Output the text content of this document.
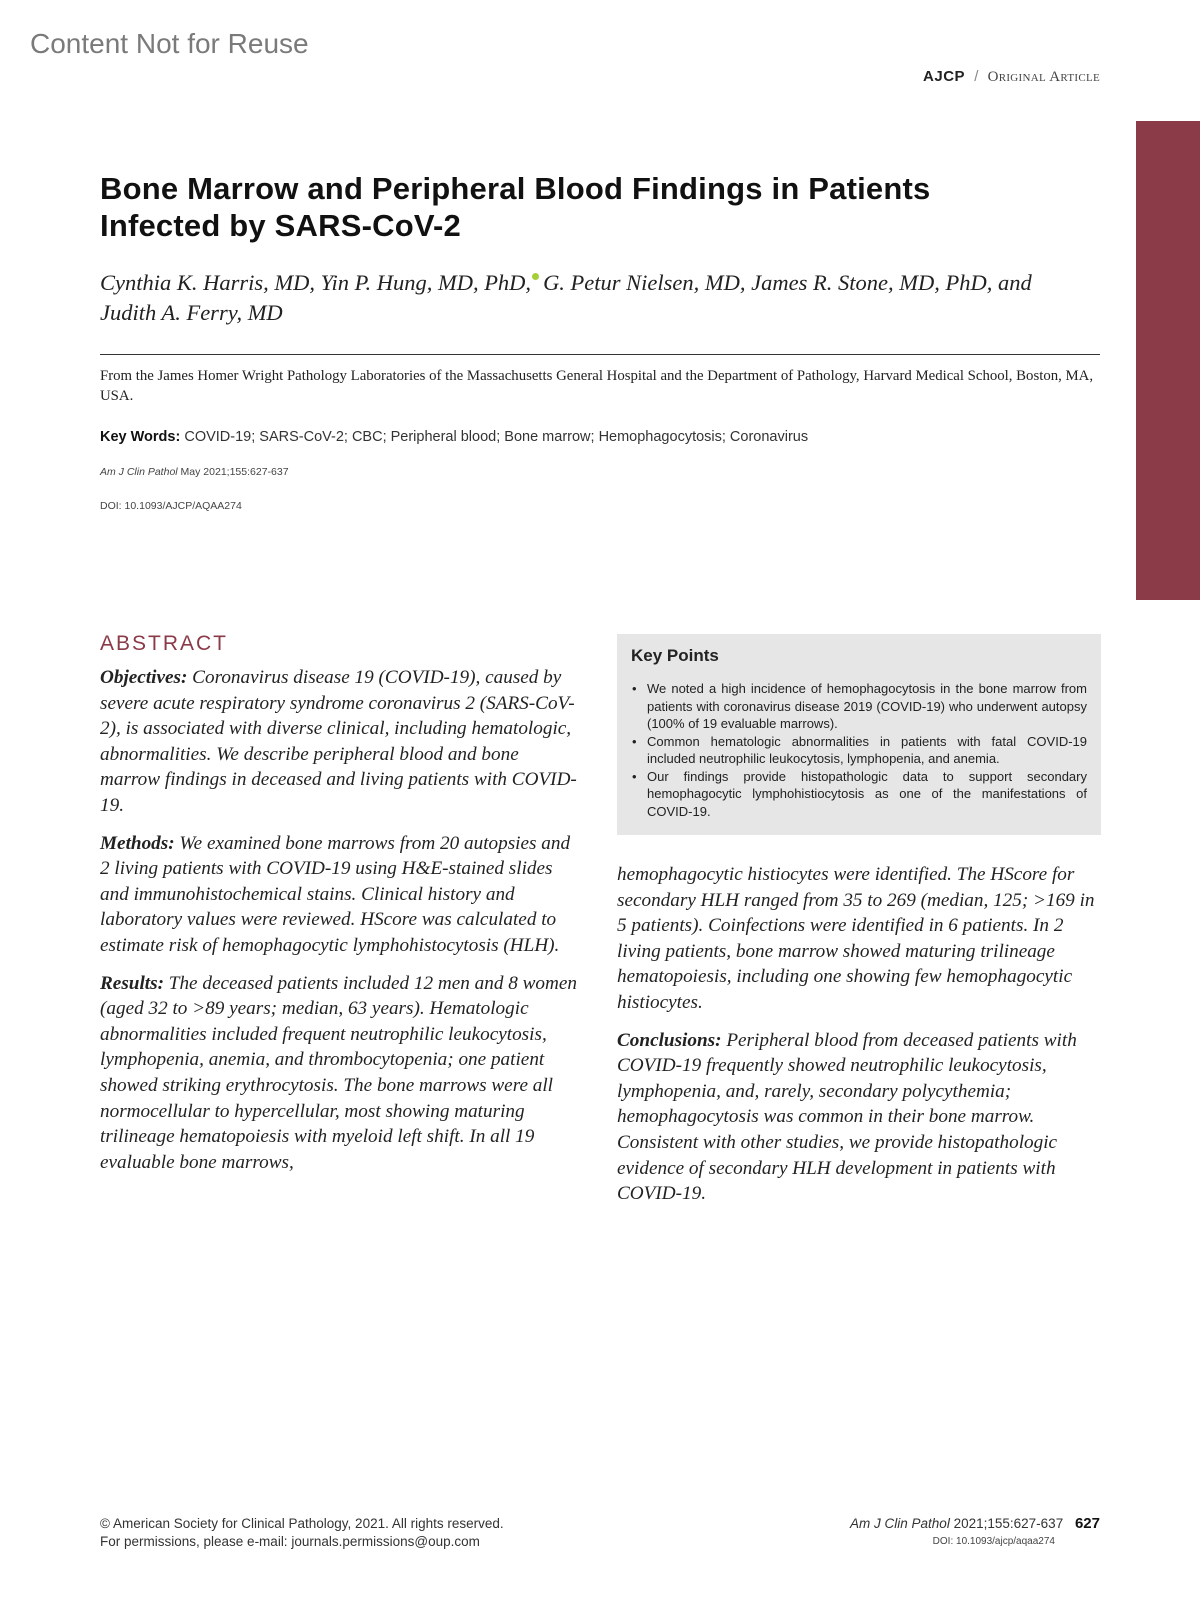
Content Not for Reuse
AJCP / Original Article
Bone Marrow and Peripheral Blood Findings in Patients
Infected by SARS-CoV-2
Cynthia K. Harris, MD, Yin P. Hung, MD, PhD, G. Petur Nielsen, MD, James R. Stone, MD, PhD, and Judith A. Ferry, MD
From the James Homer Wright Pathology Laboratories of the Massachusetts General Hospital and the Department of Pathology, Harvard Medical School, Boston, MA, USA.
Key Words: COVID-19; SARS-CoV-2; CBC; Peripheral blood; Bone marrow; Hemophagocytosis; Coronavirus
Am J Clin Pathol May 2021;155:627-637
DOI: 10.1093/AJCP/AQAA274
ABSTRACT

Objectives: Coronavirus disease 19 (COVID-19), caused by severe acute respiratory syndrome coronavirus 2 (SARS-CoV-2), is associated with diverse clinical, including hematologic, abnormalities. We describe peripheral blood and bone marrow findings in deceased and living patients with COVID-19.

Methods: We examined bone marrows from 20 autopsies and 2 living patients with COVID-19 using H&E-stained slides and immunohistochemical stains. Clinical history and laboratory values were reviewed. HScore was calculated to estimate risk of hemophagocytic lymphohistocytosis (HLH).

Results: The deceased patients included 12 men and 8 women (aged 32 to >89 years; median, 63 years). Hematologic abnormalities included frequent neutrophilic leukocytosis, lymphopenia, anemia, and thrombocytopenia; one patient showed striking erythrocytosis. The bone marrows were all normocellular to hypercellular, most showing maturing trilineage hematopoiesis with myeloid left shift. In all 19 evaluable bone marrows,

Key Points
• We noted a high incidence of hemophagocytosis in the bone marrow from patients with coronavirus disease 2019 (COVID-19) who underwent autopsy (100% of 19 evaluable marrows).
• Common hematologic abnormalities in patients with fatal COVID-19 included neutrophilic leukocytosis, lymphopenia, and anemia.
• Our findings provide histopathologic data to support secondary hemophagocytic lymphohistiocytosis as one of the manifestations of COVID-19.

hemophagocytic histiocytes were identified. The HScore for secondary HLH ranged from 35 to 269 (median, 125; >169 in 5 patients). Coinfections were identified in 6 patients. In 2 living patients, bone marrow showed maturing trilineage hematopoiesis, including one showing few hemophagocytic histiocytes.

Conclusions: Peripheral blood from deceased patients with COVID-19 frequently showed neutrophilic leukocytosis, lymphopenia, and, rarely, secondary polycythemia; hemophagocytosis was common in their bone marrow. Consistent with other studies, we provide histopathologic evidence of secondary HLH development in patients with COVID-19.

© American Society for Clinical Pathology, 2021. All rights reserved.
For permissions, please e-mail: journals.permissions@oup.com
Am J Clin Pathol 2021;155:627-637 627
DOI: 10.1093/ajcp/aqaa274
